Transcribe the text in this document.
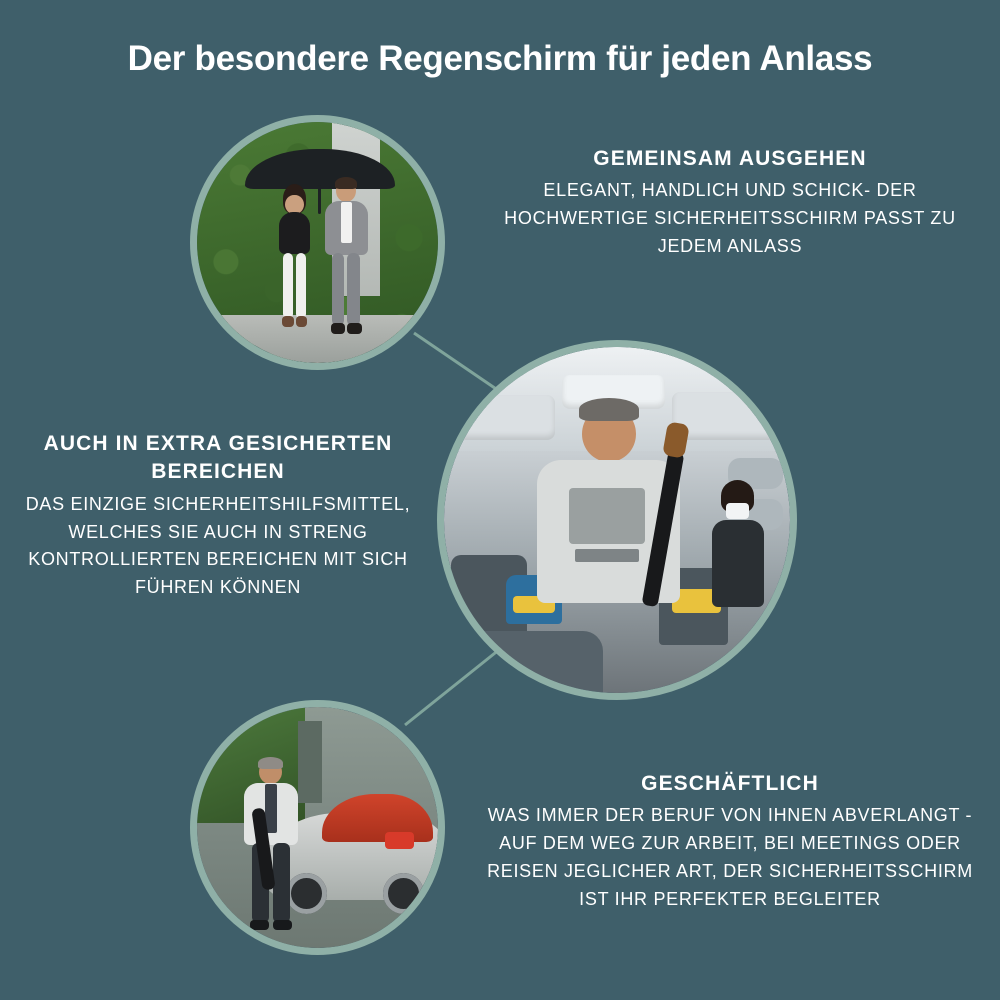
Der besondere Regenschirm für jeden Anlass
GEMEINSAM AUSGEHEN
ELEGANT, HANDLICH UND SCHICK- DER HOCHWERTIGE SICHERHEITSSCHIRM PASST ZU JEDEM ANLASS
AUCH IN EXTRA GESICHERTEN BEREICHEN
DAS EINZIGE SICHERHEITSHILFSMITTEL, WELCHES SIE AUCH IN STRENG KONTROLLIERTEN BEREICHEN MIT SICH FÜHREN KÖNNEN
GESCHÄFTLICH
WAS IMMER DER BERUF VON IHNEN ABVERLANGT - AUF DEM WEG ZUR ARBEIT, BEI MEETINGS ODER REISEN JEGLICHER ART, DER SICHERHEITSSCHIRM IST IHR PERFEKTER BEGLEITER
